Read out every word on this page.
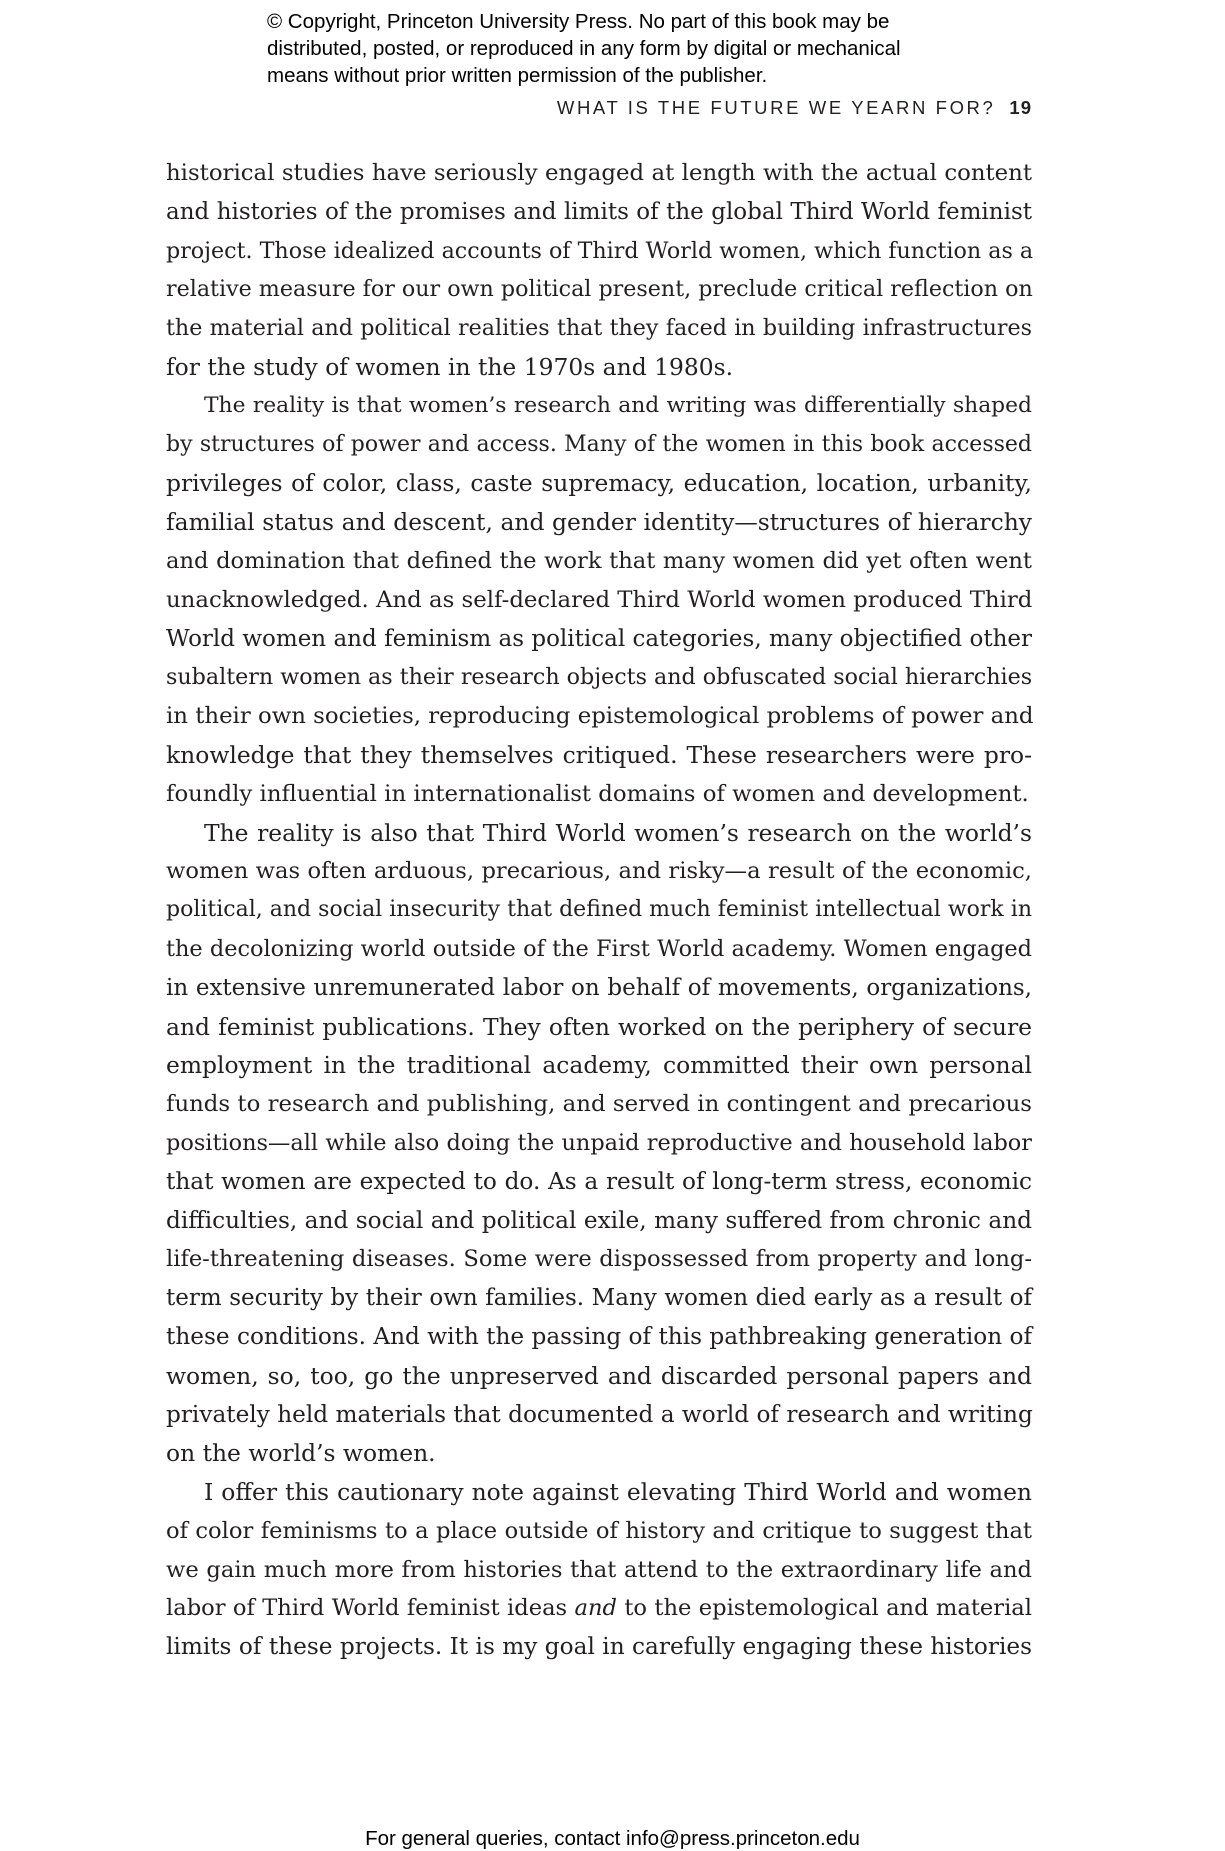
© Copyright, Princeton University Press. No part of this book may be
distributed, posted, or reproduced in any form by digital or mechanical
means without prior written permission of the publisher.
WHAT IS THE FUTURE WE YEARN FOR? 19
historical studies have seriously engaged at length with the actual content
and histories of the promises and limits of the global Third World feminist
project. Those idealized accounts of Third World women, which function as a
relative measure for our own political present, preclude critical reflection on
the material and political realities that they faced in building infrastructures
for the study of women in the 1970s and 1980s.
The reality is that women’s research and writing was differentially shaped
by structures of power and access. Many of the women in this book accessed
privileges of color, class, caste supremacy, education, location, urbanity,
familial status and descent, and gender identity—structures of hierarchy
and domination that defined the work that many women did yet often went
unacknowledged. And as self-declared Third World women produced Third
World women and feminism as political categories, many objectified other
subaltern women as their research objects and obfuscated social hierarchies
in their own societies, reproducing epistemological problems of power and
knowledge that they themselves critiqued. These researchers were pro-
foundly influential in internationalist domains of women and development.
The reality is also that Third World women’s research on the world’s
women was often arduous, precarious, and risky—a result of the economic,
political, and social insecurity that defined much feminist intellectual work in
the decolonizing world outside of the First World academy. Women engaged
in extensive unremunerated labor on behalf of movements, organizations,
and feminist publications. They often worked on the periphery of secure
employment in the traditional academy, committed their own personal
funds to research and publishing, and served in contingent and precarious
positions—all while also doing the unpaid reproductive and household labor
that women are expected to do. As a result of long-term stress, economic
difficulties, and social and political exile, many suffered from chronic and
life-threatening diseases. Some were dispossessed from property and long-
term security by their own families. Many women died early as a result of
these conditions. And with the passing of this pathbreaking generation of
women, so, too, go the unpreserved and discarded personal papers and
privately held materials that documented a world of research and writing
on the world’s women.
I offer this cautionary note against elevating Third World and women
of color feminisms to a place outside of history and critique to suggest that
we gain much more from histories that attend to the extraordinary life and
labor of Third World feminist ideas and to the epistemological and material
limits of these projects. It is my goal in carefully engaging these histories
For general queries, contact info@press.princeton.edu
